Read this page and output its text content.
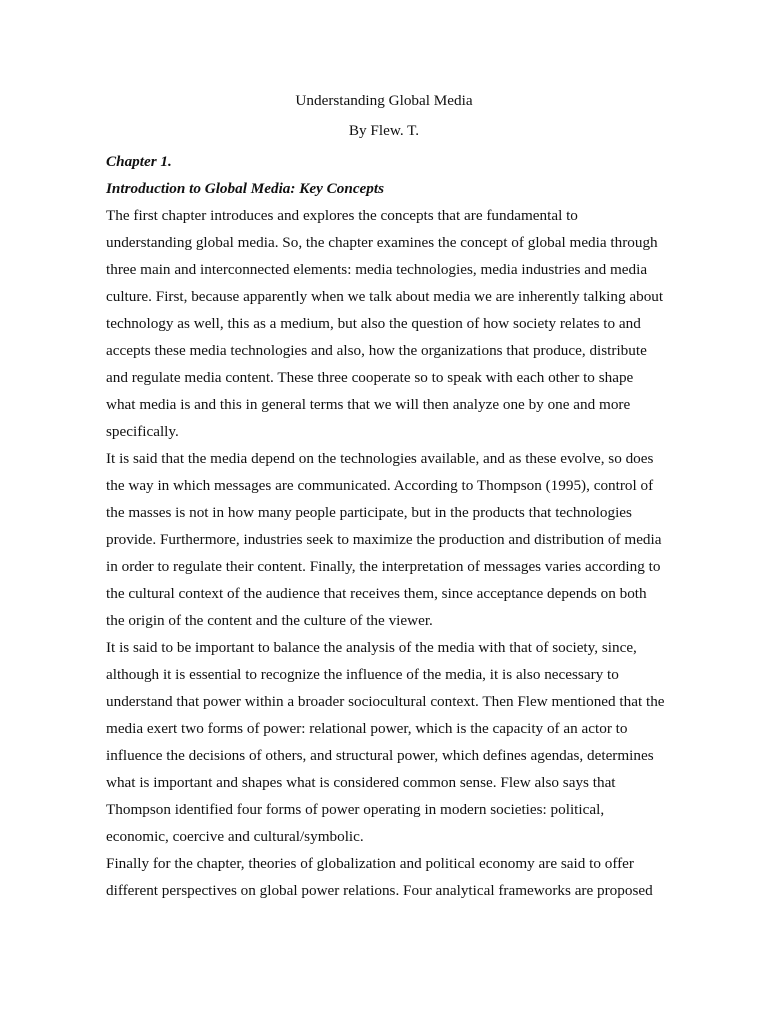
Understanding Global Media
By Flew. T.
Chapter 1.
Introduction to Global Media: Key Concepts
The first chapter introduces and explores the concepts that are fundamental to
understanding global media. So, the chapter examines the concept of global media through
three main and interconnected elements: media technologies, media industries and media
culture. First, because apparently when we talk about media we are inherently talking about
technology as well, this as a medium, but also the question of how society relates to and
accepts these media technologies and also, how the organizations that produce, distribute
and regulate media content. These three cooperate so to speak with each other to shape
what media is and this in general terms that we will then analyze one by one and more
specifically.
It is said that the media depend on the technologies available, and as these evolve, so does
the way in which messages are communicated. According to Thompson (1995), control of
the masses is not in how many people participate, but in the products that technologies
provide. Furthermore, industries seek to maximize the production and distribution of media
in order to regulate their content. Finally, the interpretation of messages varies according to
the cultural context of the audience that receives them, since acceptance depends on both
the origin of the content and the culture of the viewer.
It is said to be important to balance the analysis of the media with that of society, since,
although it is essential to recognize the influence of the media, it is also necessary to
understand that power within a broader sociocultural context. Then Flew mentioned that the
media exert two forms of power: relational power, which is the capacity of an actor to
influence the decisions of others, and structural power, which defines agendas, determines
what is important and shapes what is considered common sense. Flew also says that
Thompson identified four forms of power operating in modern societies: political,
economic, coercive and cultural/symbolic.
Finally for the chapter, theories of globalization and political economy are said to offer
different perspectives on global power relations. Four analytical frameworks are proposed
